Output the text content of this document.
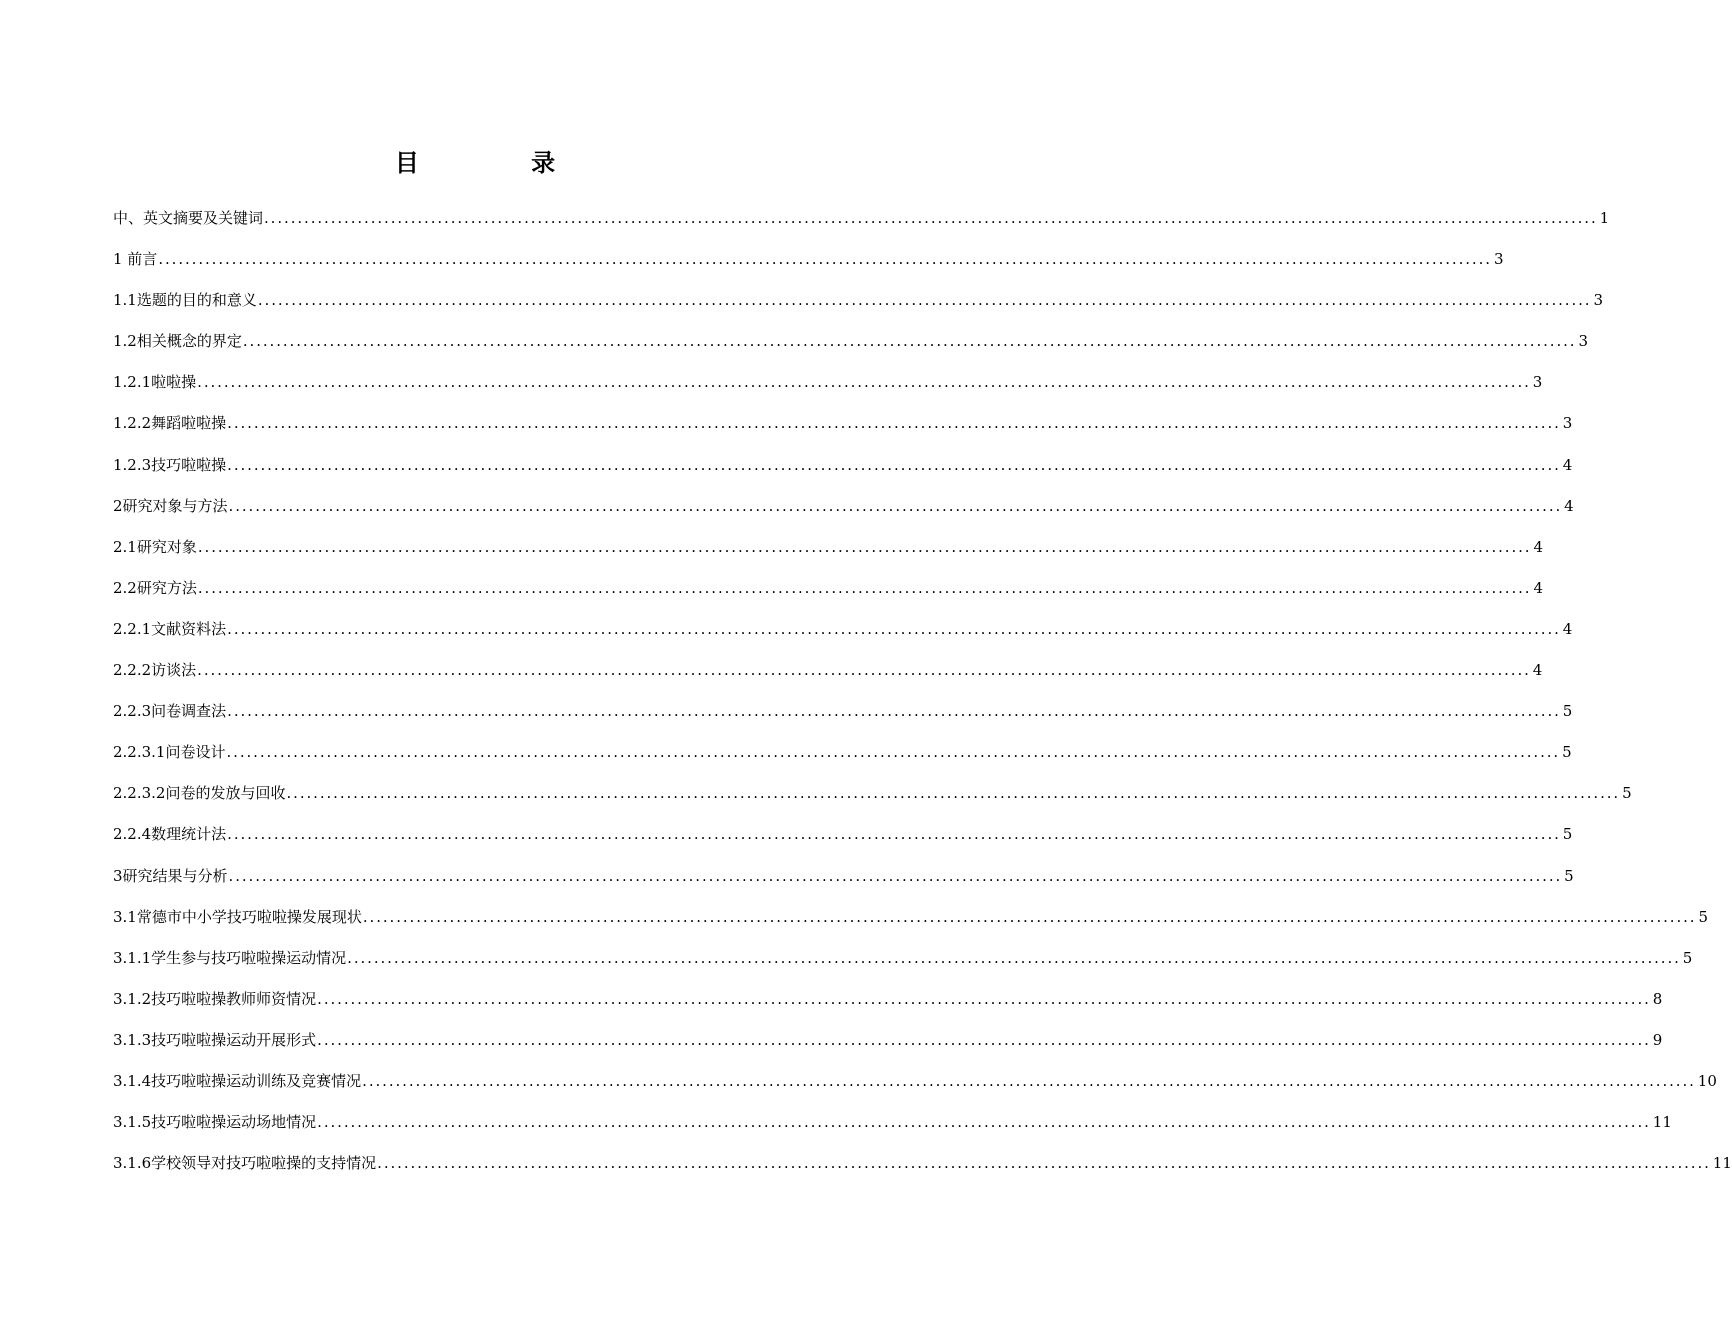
目 录
中、英文摘要及关键词 ........................................................................................................................................................................................................ 1
1 前言 ........................................................................................................................................................................................................ 3
1.1选题的目的和意义 ........................................................................................................................................................................................................ 3
1.2相关概念的界定 ........................................................................................................................................................................................................ 3
1.2.1啦啦操 ........................................................................................................................................................................................................ 3
1.2.2舞蹈啦啦操 ........................................................................................................................................................................................................ 3
1.2.3技巧啦啦操 ........................................................................................................................................................................................................ 4
2研究对象与方法 ........................................................................................................................................................................................................ 4
2.1研究对象 ........................................................................................................................................................................................................ 4
2.2研究方法 ........................................................................................................................................................................................................ 4
2.2.1文献资料法 ........................................................................................................................................................................................................ 4
2.2.2访谈法 ........................................................................................................................................................................................................ 4
2.2.3问卷调查法 ........................................................................................................................................................................................................ 5
2.2.3.1问卷设计 ........................................................................................................................................................................................................ 5
2.2.3.2问卷的发放与回收 ........................................................................................................................................................................................................ 5
2.2.4数理统计法 ........................................................................................................................................................................................................ 5
3研究结果与分析 ........................................................................................................................................................................................................ 5
3.1常德市中小学技巧啦啦操发展现状 ........................................................................................................................................................................................................ 5
3.1.1学生参与技巧啦啦操运动情况 ........................................................................................................................................................................................................ 5
3.1.2技巧啦啦操教师师资情况 ........................................................................................................................................................................................................ 8
3.1.3技巧啦啦操运动开展形式 ........................................................................................................................................................................................................ 9
3.1.4技巧啦啦操运动训练及竞赛情况 ........................................................................................................................................................................................................ 10
3.1.5技巧啦啦操运动场地情况 ........................................................................................................................................................................................................ 11
3.1.6学校领导对技巧啦啦操的支持情况 ........................................................................................................................................................................................................ 11
